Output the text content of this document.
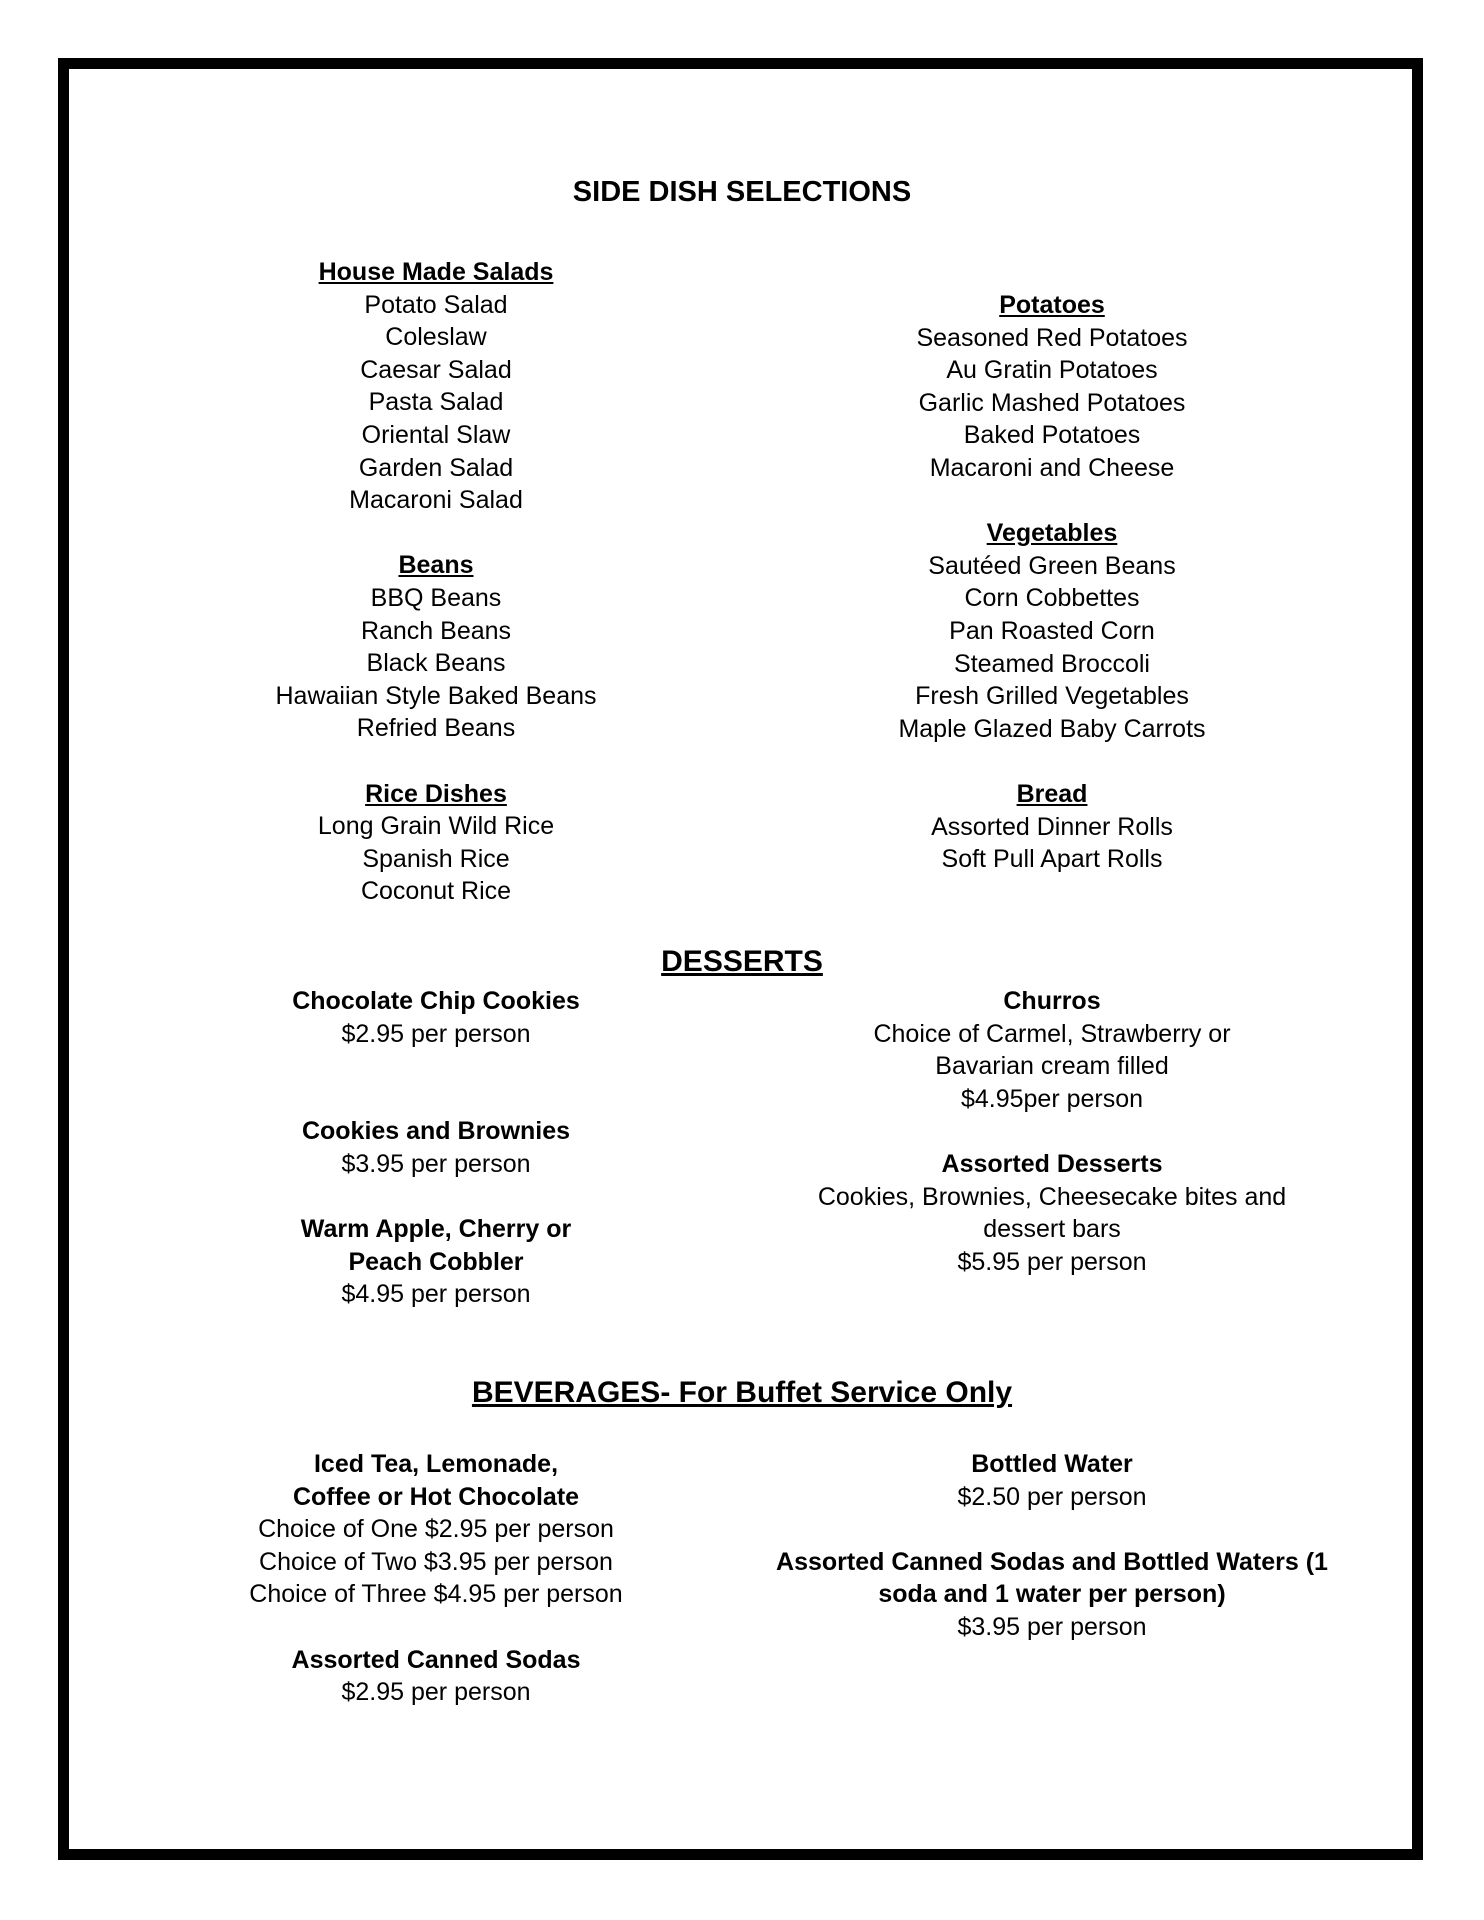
SIDE DISH SELECTIONS
House Made Salads
Potato Salad
Coleslaw
Caesar Salad
Pasta Salad
Oriental Slaw
Garden Salad
Macaroni Salad
Beans
BBQ Beans
Ranch Beans
Black Beans
Hawaiian Style Baked Beans
Refried Beans
Rice Dishes
Long Grain Wild Rice
Spanish Rice
Coconut Rice
Potatoes
Seasoned Red Potatoes
Au Gratin Potatoes
Garlic Mashed Potatoes
Baked Potatoes
Macaroni and Cheese
Vegetables
Sautéed Green Beans
Corn Cobbettes
Pan Roasted Corn
Steamed Broccoli
Fresh Grilled Vegetables
Maple Glazed Baby Carrots
Bread
Assorted Dinner Rolls
Soft Pull Apart Rolls
DESSERTS
Chocolate Chip Cookies
$2.95 per person
Cookies and Brownies
$3.95 per person
Warm Apple, Cherry or
Peach Cobbler
$4.95 per person
Churros
Choice of Carmel, Strawberry or
Bavarian cream filled
$4.95per person
Assorted Desserts
Cookies, Brownies, Cheesecake bites and
dessert bars
$5.95 per person
BEVERAGES- For Buffet Service Only
Iced Tea, Lemonade,
Coffee or Hot Chocolate
Choice of One $2.95 per person
Choice of Two $3.95 per person
Choice of Three $4.95 per person
Assorted Canned Sodas
$2.95 per person
Bottled Water
$2.50 per person
Assorted Canned Sodas and Bottled Waters (1
soda and 1 water per person)
$3.95 per person
